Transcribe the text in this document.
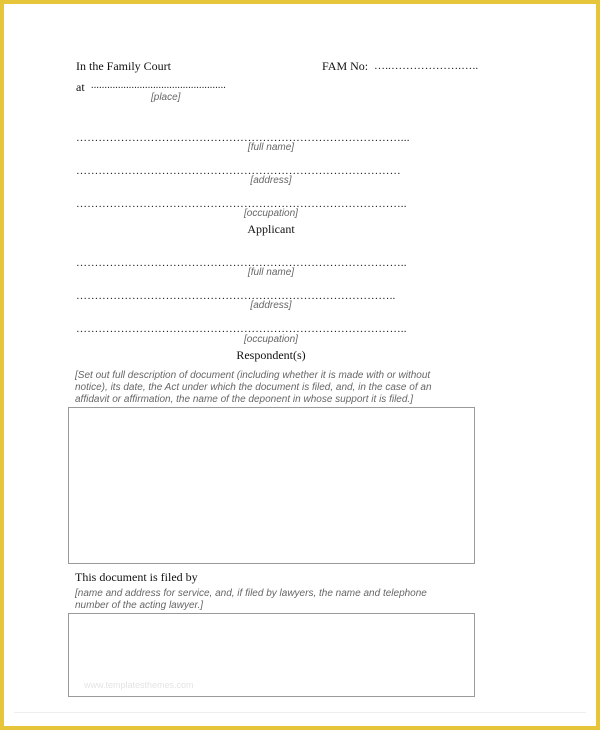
In the Family Court	FAM No: …..……………….…..
at ..................................................
[place]
……………………………………………………………………………...
[full name]
……………………………………………………………………………
[address]
……………………………………………………………………………..
[occupation]
Applicant
……………………………………………………………………………..
[full name]
…………………………………………………………………………..
[address]
……………………………………………………………………………..
[occupation]
Respondent(s)
[Set out full description of document (including whether it is made with or without
notice), its date, the Act under which the document is filed, and, in the case of an
affidavit or affirmation, the name of the deponent in whose support it is filed.]
This document is filed by
[name and address for service, and, if filed by lawyers, the name and telephone
number of the acting lawyer.]
www.templatesthemes.com
